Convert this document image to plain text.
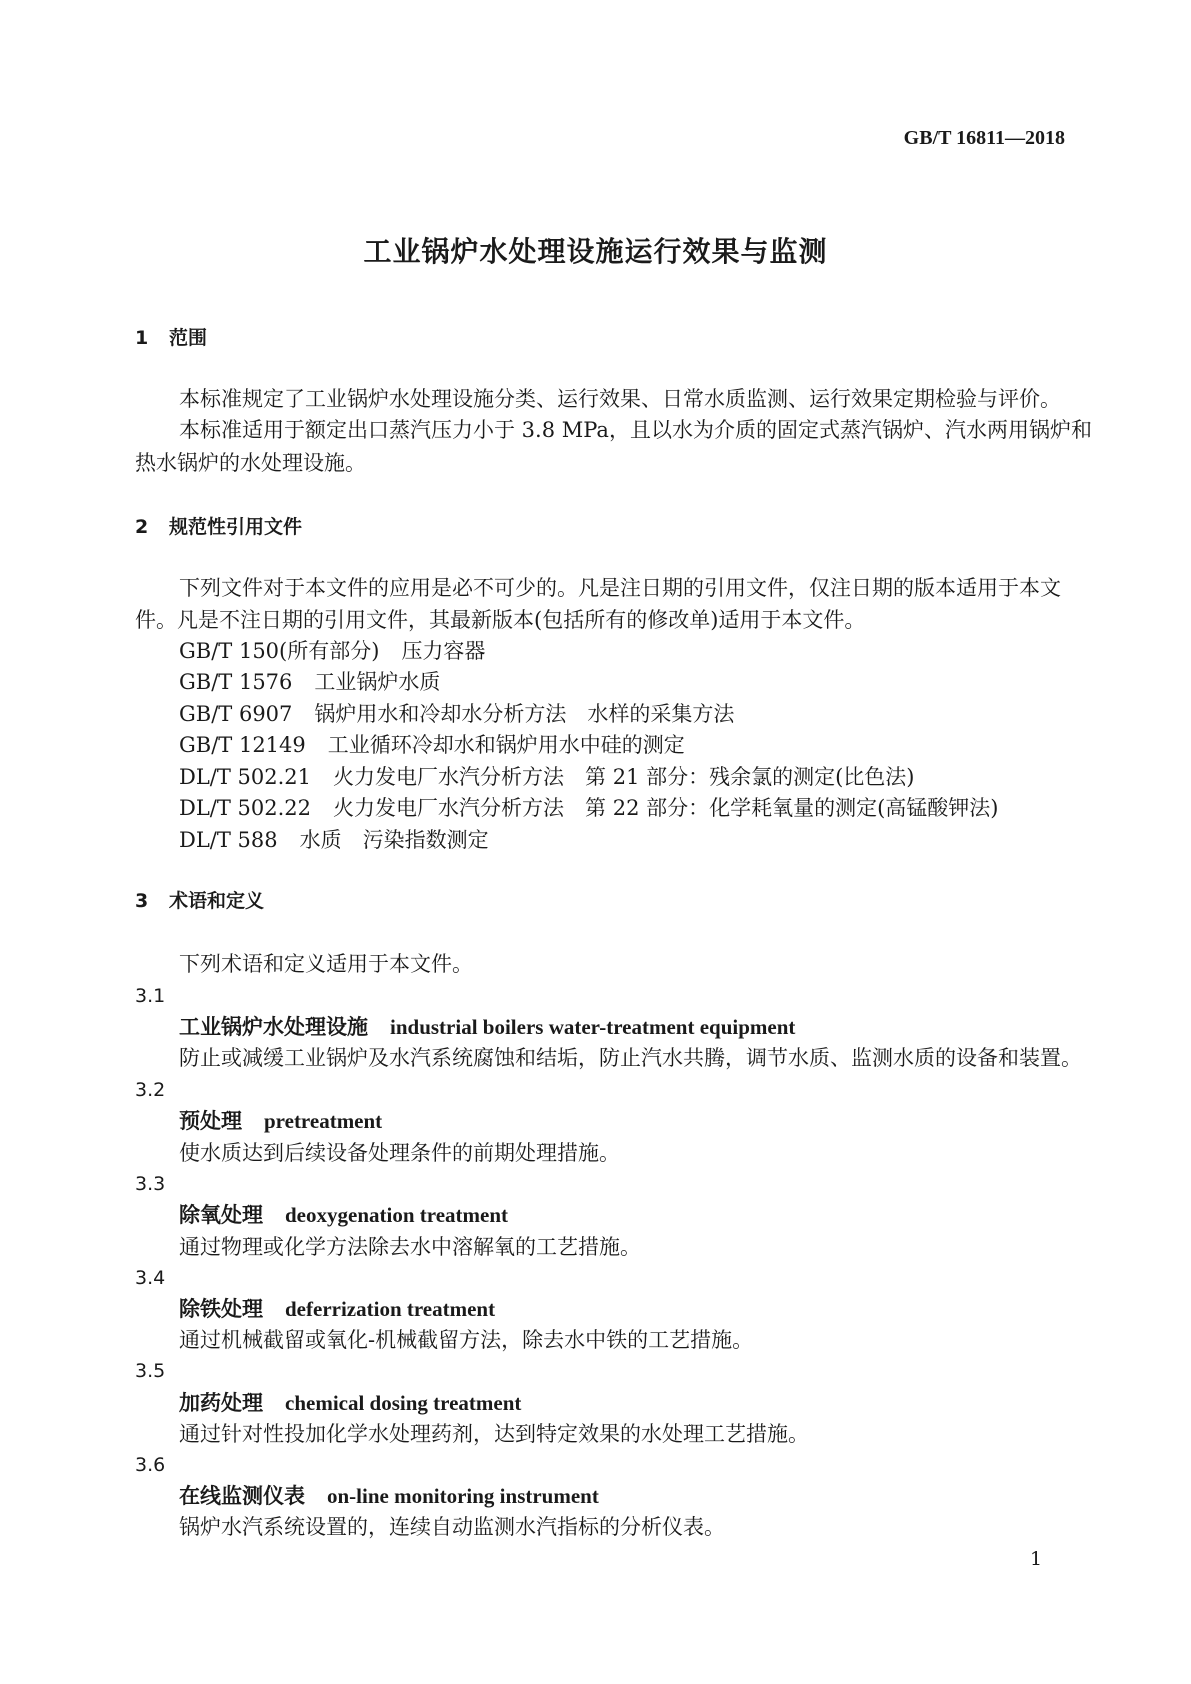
GB/T 16811—2018
工业锅炉水处理设施运行效果与监测
1 范围
本标准规定了工业锅炉水处理设施分类、运行效果、日常水质监测、运行效果定期检验与评价。
本标准适用于额定出口蒸汽压力小于 3.8 MPa，且以水为介质的固定式蒸汽锅炉、汽水两用锅炉和
热水锅炉的水处理设施。
2 规范性引用文件
下列文件对于本文件的应用是必不可少的。凡是注日期的引用文件，仅注日期的版本适用于本文
件。凡是不注日期的引用文件，其最新版本(包括所有的修改单)适用于本文件。
GB/T 150(所有部分) 压力容器
GB/T 1576 工业锅炉水质
GB/T 6907 锅炉用水和冷却水分析方法　水样的采集方法
GB/T 12149 工业循环冷却水和锅炉用水中硅的测定
DL/T 502.21 火力发电厂水汽分析方法　第 21 部分：残余氯的测定(比色法)
DL/T 502.22 火力发电厂水汽分析方法　第 22 部分：化学耗氧量的测定(高锰酸钾法)
DL/T 588 水质　污染指数测定
3 术语和定义
下列术语和定义适用于本文件。
3.1
工业锅炉水处理设施 industrial boilers water-treatment equipment
防止或减缓工业锅炉及水汽系统腐蚀和结垢，防止汽水共腾，调节水质、监测水质的设备和装置。
3.2
预处理 pretreatment
使水质达到后续设备处理条件的前期处理措施。
3.3
除氧处理 deoxygenation treatment
通过物理或化学方法除去水中溶解氧的工艺措施。
3.4
除铁处理 deferrization treatment
通过机械截留或氧化-机械截留方法，除去水中铁的工艺措施。
3.5
加药处理 chemical dosing treatment
通过针对性投加化学水处理药剂，达到特定效果的水处理工艺措施。
3.6
在线监测仪表 on-line monitoring instrument
锅炉水汽系统设置的，连续自动监测水汽指标的分析仪表。
1
